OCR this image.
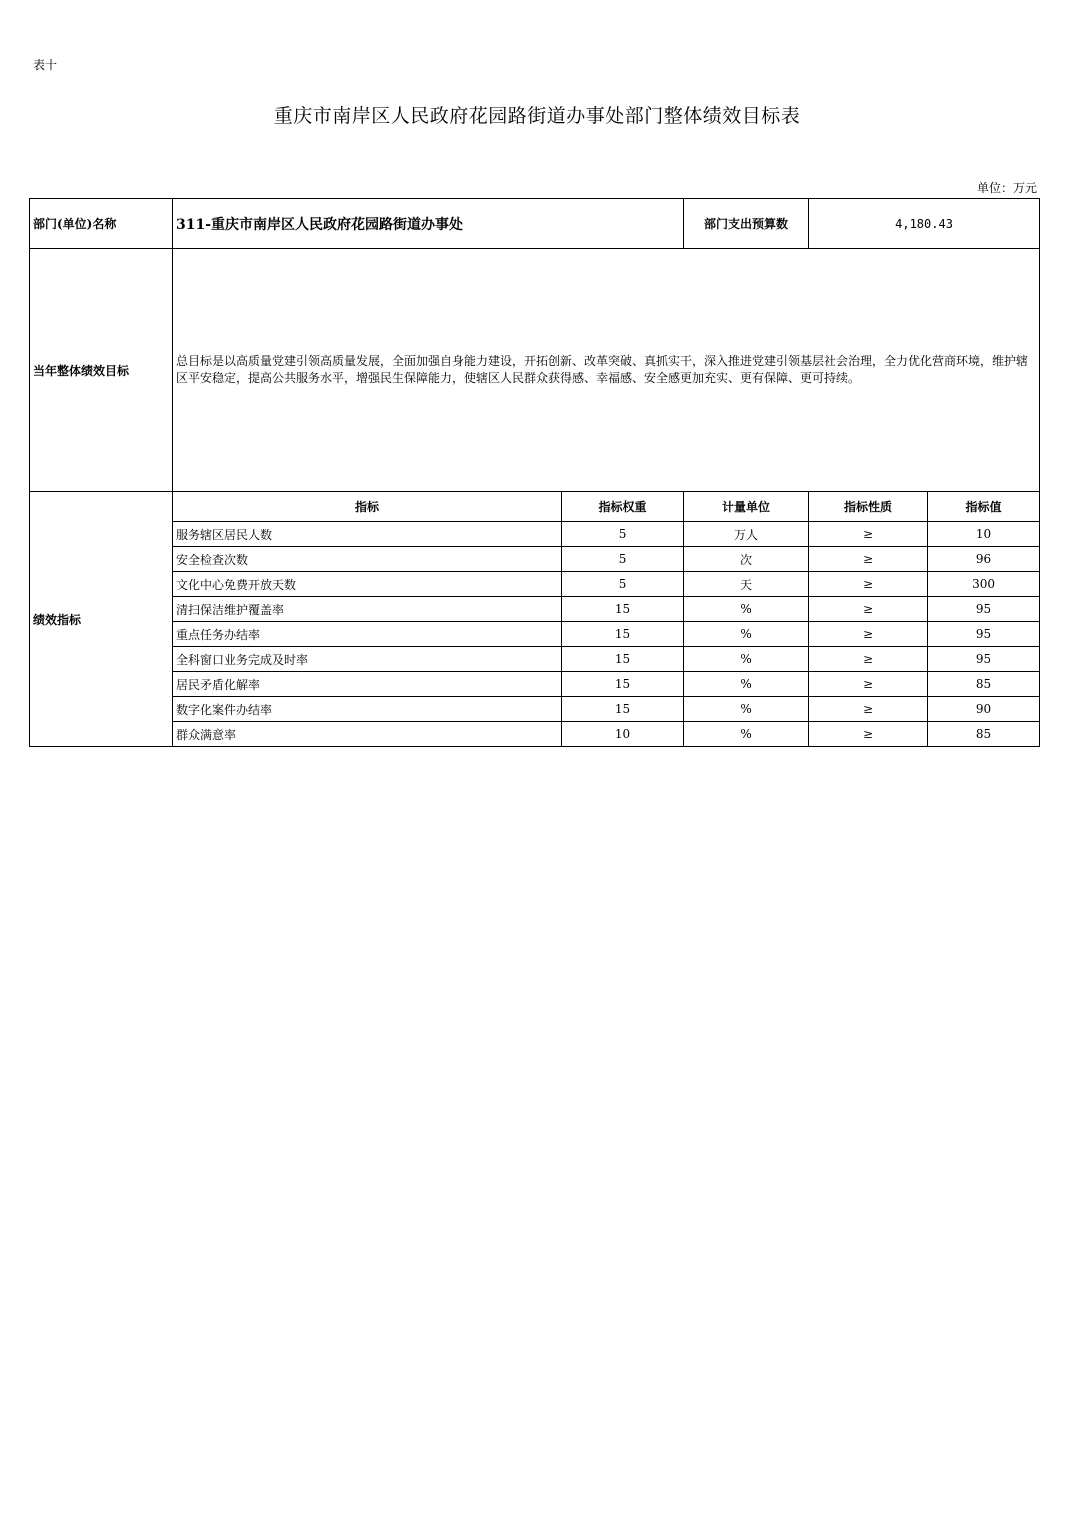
表十
重庆市南岸区人民政府花园路街道办事处部门整体绩效目标表
单位：万元
部门(单位)名称	311-重庆市南岸区人民政府花园路街道办事处		部门支出预算数	4,180.43	
当年整体绩效目标	总目标是以高质量党建引领高质量发展，全面加强自身能力建设，开拓创新、改革突破、真抓实干，深入推进党建引领基层社会治理，全力优化营商环境，维护辖区平安稳定，提高公共服务水平，增强民生保障能力，使辖区人民群众获得感、幸福感、安全感更加充实、更有保障、更可持续。				
绩效指标	指标	指标权重	计量单位	指标性质	指标值
	服务辖区居民人数	5	万人	≥	10
	安全检查次数	5	次	≥	96
	文化中心免费开放天数	5	天	≥	300
	清扫保洁维护覆盖率	15	%	≥	95
	重点任务办结率	15	%	≥	95
	全科窗口业务完成及时率	15	%	≥	95
	居民矛盾化解率	15	%	≥	85
	数字化案件办结率	15	%	≥	90
	群众满意率	10	%	≥	85
